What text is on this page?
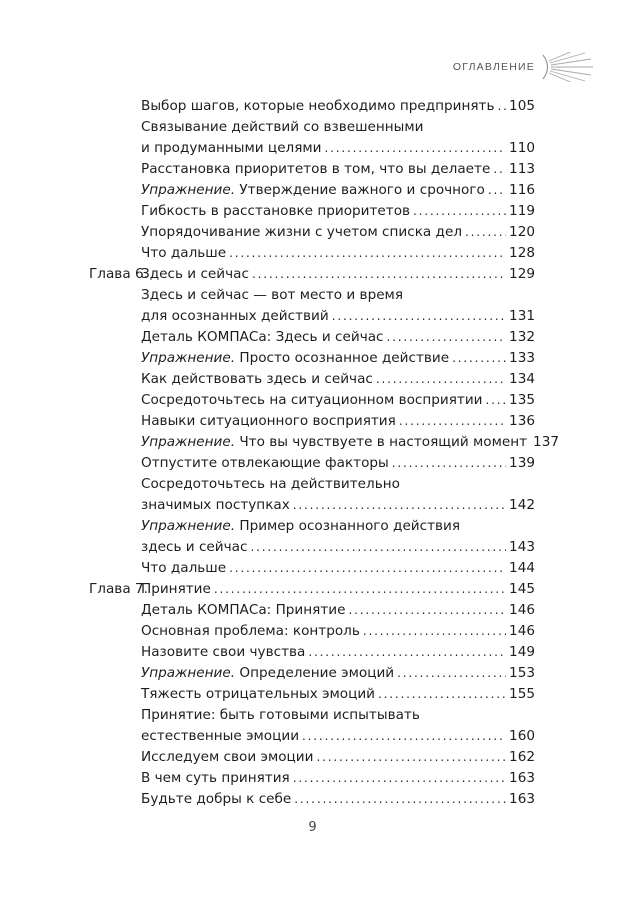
ОГЛАВЛЕНИЕ
Выбор шагов, которые необходимо предпринять . . . 105
Связывание действий со взвешенными
и продуманными целями . . .	110
Расстановка приоритетов в том, что вы делаете . . . 113
Упражнение. Утверждение важного и срочного . . . 116
Гибкость в расстановке приоритетов . . .	119
Упорядочивание жизни с учетом списка дел . . .	120
Что дальше . . .	128
Глава 6.
Здесь и сейчас . . .	129
Здесь и сейчас — вот место и время
для осознанных действий . . .	131
Деталь КОМПАСа: Здесь и сейчас . . .	132
Упражнение. Просто осознанное действие . . .	133
Как действовать здесь и сейчас . . .	134
Сосредоточьтесь на ситуационном восприятии . . . 135
Навыки ситуационного восприятия . . .	136
Упражнение. Что вы чувствуете в настоящий момент 137
Отпустите отвлекающие факторы . . .	139
Сосредоточьтесь на действительно
значимых поступках . . .	142
Упражнение. Пример осознанного действия
здесь и сейчас . . .	143
Что дальше . . .	144
Глава 7.
Принятие . . .	145
Деталь КОМПАСа: Принятие . . .	146
Основная проблема: контроль . . .	146
Назовите свои чувства . . .	149
Упражнение. Определение эмоций . . .	153
Тяжесть отрицательных эмоций . . .	155
Принятие: быть готовыми испытывать
естественные эмоции . . .	160
Исследуем свои эмоции . . .	162
В чем суть принятия . . .	163
Будьте добры к себе . . .	163
9
